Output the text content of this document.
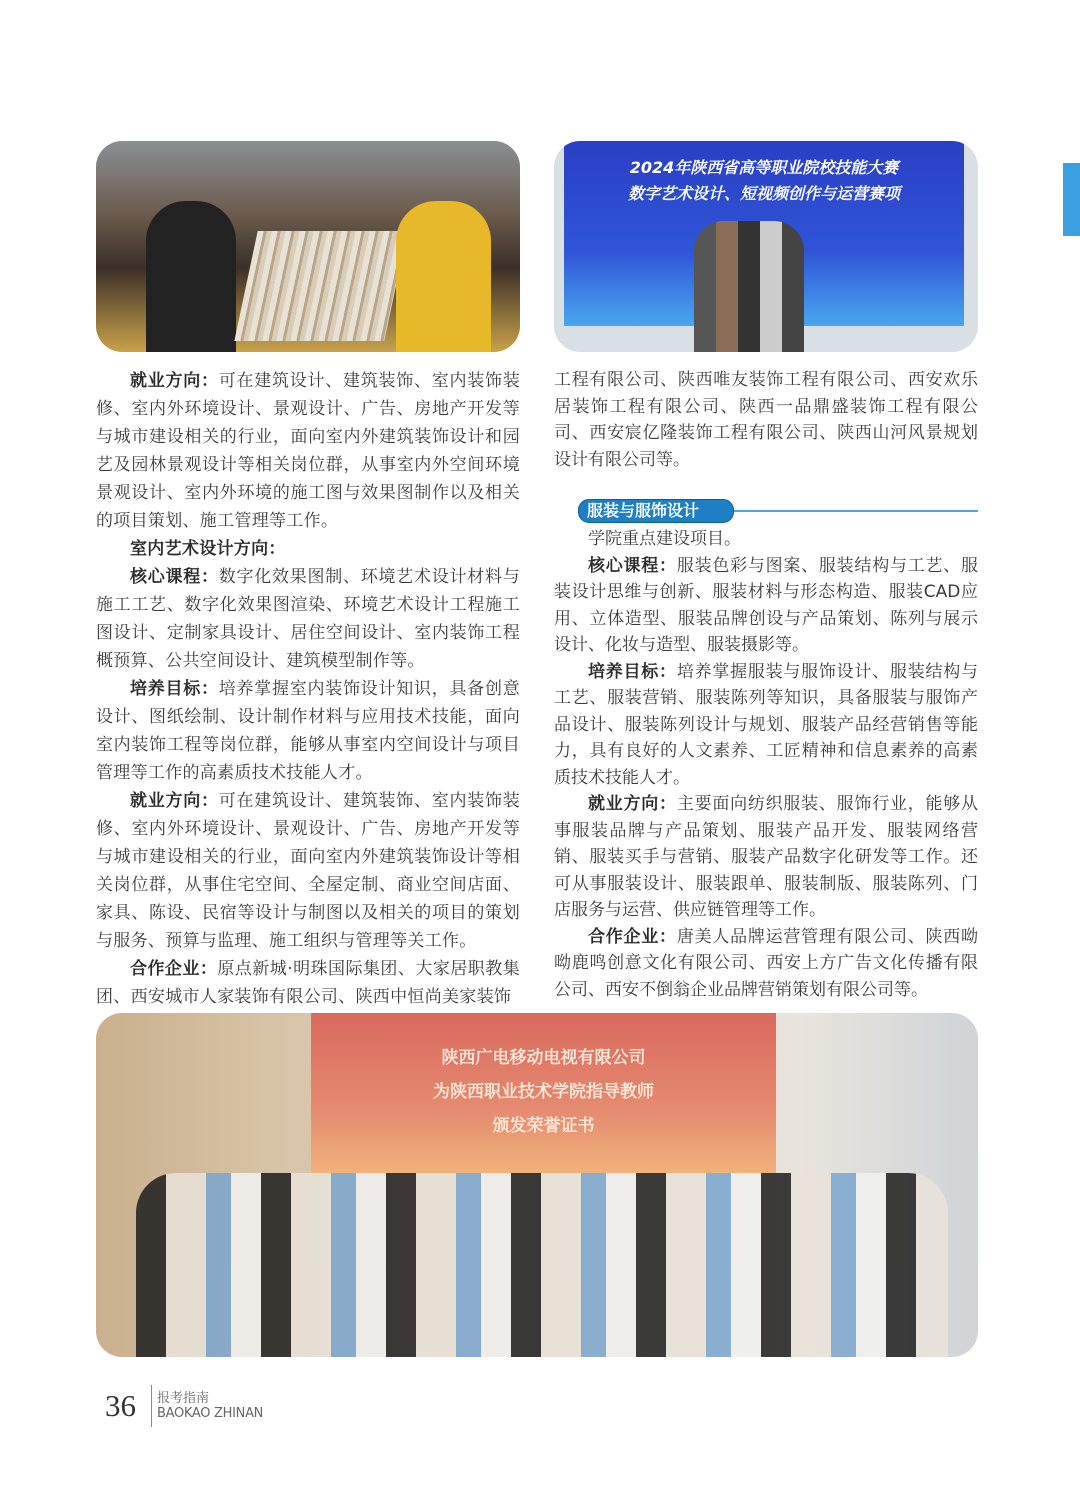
2024年陕西省高等职业院校技能大赛
数字艺术设计、短视频创作与运营赛项

就业方向：可在建筑设计、建筑装饰、室内装饰装修、室内外环境设计、景观设计、广告、房地产开发等与城市建设相关的行业，面向室内外建筑装饰设计和园艺及园林景观设计等相关岗位群，从事室内外空间环境景观设计、室内外环境的施工图与效果图制作以及相关的项目策划、施工管理等工作。

室内艺术设计方向：

核心课程：数字化效果图制、环境艺术设计材料与施工工艺、数字化效果图渲染、环境艺术设计工程施工图设计、定制家具设计、居住空间设计、室内装饰工程概预算、公共空间设计、建筑模型制作等。

培养目标：培养掌握室内装饰设计知识，具备创意设计、图纸绘制、设计制作材料与应用技术技能，面向室内装饰工程等岗位群，能够从事室内空间设计与项目管理等工作的高素质技术技能人才。

就业方向：可在建筑设计、建筑装饰、室内装饰装修、室内外环境设计、景观设计、广告、房地产开发等与城市建设相关的行业，面向室内外建筑装饰设计等相关岗位群，从事住宅空间、全屋定制、商业空间店面、家具、陈设、民宿等设计与制图以及相关的项目的策划与服务、预算与监理、施工组织与管理等关工作。

合作企业：原点新城·明珠国际集团、大家居职教集团、西安城市人家装饰有限公司、陕西中恒尚美家装饰

工程有限公司、陕西唯友装饰工程有限公司、西安欢乐居装饰工程有限公司、陕西一品鼎盛装饰工程有限公司、西安宸亿隆装饰工程有限公司、陕西山河风景规划设计有限公司等。

服装与服饰设计

学院重点建设项目。

核心课程：服装色彩与图案、服装结构与工艺、服装设计思维与创新、服装材料与形态构造、服装CAD应用、立体造型、服装品牌创设与产品策划、陈列与展示设计、化妆与造型、服装摄影等。

培养目标：培养掌握服装与服饰设计、服装结构与工艺、服装营销、服装陈列等知识，具备服装与服饰产品设计、服装陈列设计与规划、服装产品经营销售等能力，具有良好的人文素养、工匠精神和信息素养的高素质技术技能人才。

就业方向：主要面向纺织服装、服饰行业，能够从事服装品牌与产品策划、服装产品开发、服装网络营销、服装买手与营销、服装产品数字化研发等工作。还可从事服装设计、服装跟单、服装制版、服装陈列、门店服务与运营、供应链管理等工作。

合作企业：唐美人品牌运营管理有限公司、陕西呦呦鹿鸣创意文化有限公司、西安上方广告文化传播有限公司、西安不倒翁企业品牌营销策划有限公司等。

陕西广电移动电视有限公司
为陕西职业技术学院指导教师
颁发荣誉证书
36 报考指南
BAOKAO ZHINAN
